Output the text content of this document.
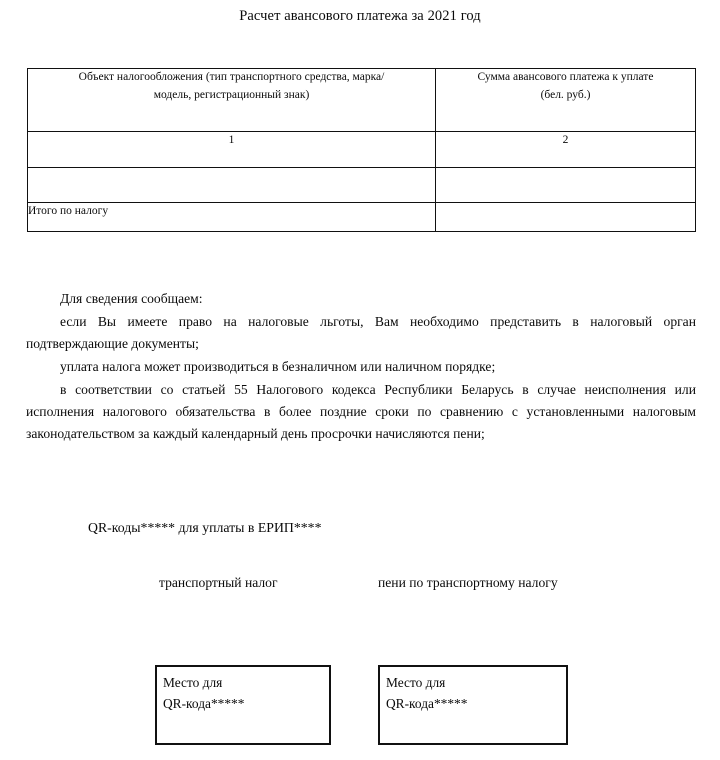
Расчет авансового платежа за 2021 год
Объект налогообложения (тип транспортного средства, марка/
модель, регистрационный знак)	Сумма авансового платежа к уплате
(бел. руб.)

1	2

Итого по налогу	

Для сведения сообщаем:

если Вы имеете право на налоговые льготы, Вам необходимо представить в налоговый орган подтверждающие документы;

уплата налога может производиться в безналичном или наличном порядке;

в соответствии со статьей 55 Налогового кодекса Республики Беларусь в случае неисполнения или исполнения налогового обязательства в более поздние сроки по сравнению с установленными налоговым законодательством за каждый календарный день просрочки начисляются пени;

QR-коды***** для уплаты в ЕРИП****
транспортный налог	пени по транспортному налогу
Место для
QR-кода*****
Место для
QR-кода*****
